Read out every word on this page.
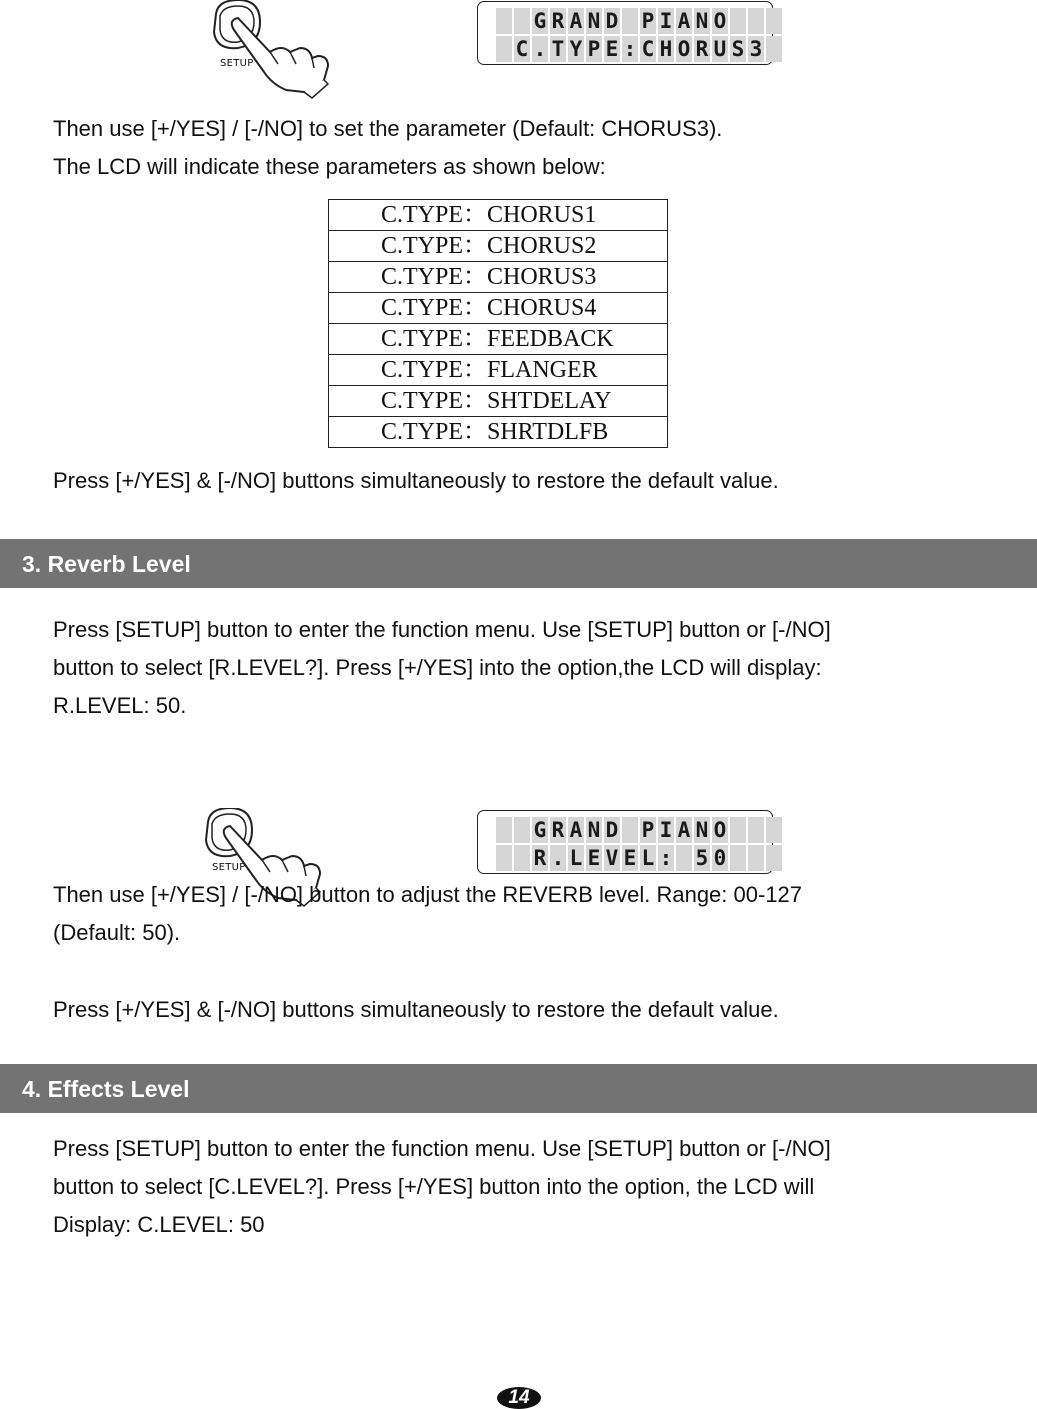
SETUP
G R A N D P I A N O
C . T Y P E : C H O R U S 3

Then use [+/YES] / [-/NO] to set the parameter (Default: CHORUS3).

The LCD will indicate these parameters as shown below:

C.TYPE：CHORUS1
C.TYPE：CHORUS2
C.TYPE：CHORUS3
C.TYPE：CHORUS4
C.TYPE：FEEDBACK
C.TYPE：FLANGER
C.TYPE：SHTDELAY
C.TYPE：SHRTDLFB
Press [+/YES] & [-/NO] buttons simultaneously to restore the default value.
3. Reverb Level

Press [SETUP] button to enter the function menu. Use [SETUP] button or [-/NO]

button to select [R.LEVEL?]. Press [+/YES] into the option,the LCD will display:

R.LEVEL: 50.

SETUP
G R A N D P I A N O
R . L E V E L : 5 0

Then use [+/YES] / [-/NO] button to adjust the REVERB level. Range: 00-127

(Default: 50).

Press [+/YES] & [-/NO] buttons simultaneously to restore the default value.
4. Effects Level

Press [SETUP] button to enter the function menu. Use [SETUP] button or [-/NO]

button to select [C.LEVEL?]. Press [+/YES] button into the option, the LCD will

Display: C.LEVEL: 50

14
